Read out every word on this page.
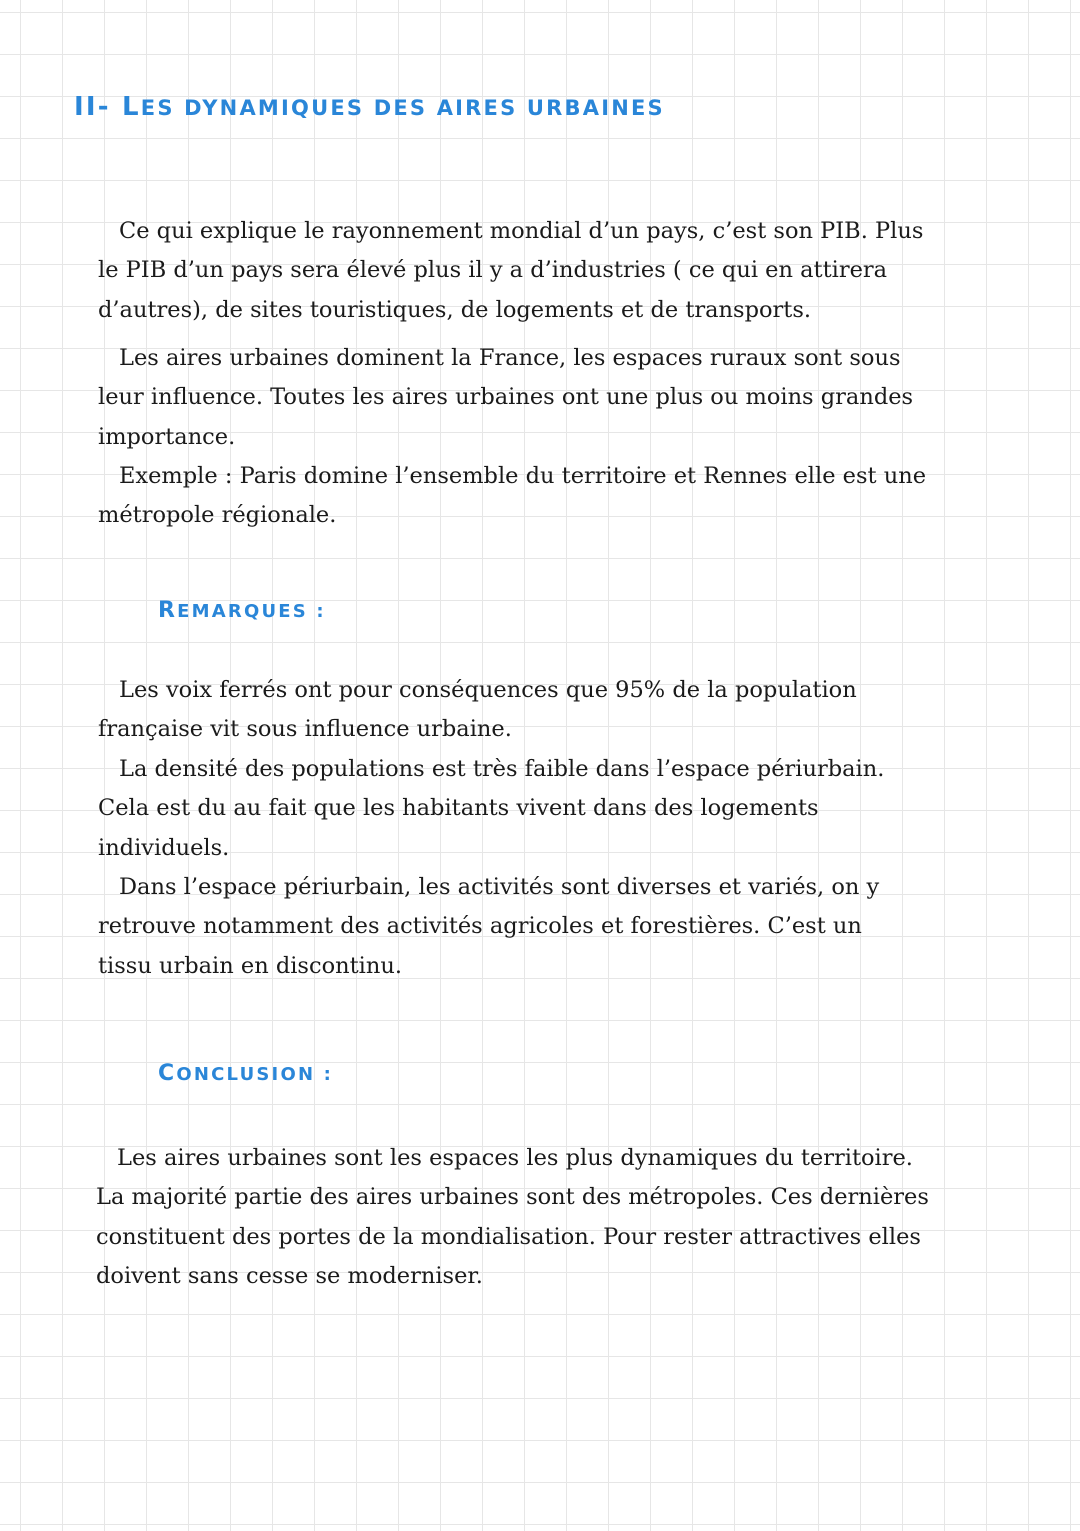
II- LES DYNAMIQUES DES AIRES URBAINES

Ce qui explique le rayonnement mondial d’un pays, c’est son PIB. Plus
le PIB d’un pays sera élevé plus il y a d’industries ( ce qui en attirera
d’autres), de sites touristiques, de logements et de transports.

Les aires urbaines dominent la France, les espaces ruraux sont sous
leur influence. Toutes les aires urbaines ont une plus ou moins grandes
importance.

Exemple : Paris domine l’ensemble du territoire et Rennes elle est une
métropole régionale.

REMARQUES :

Les voix ferrés ont pour conséquences que 95% de la population
française vit sous influence urbaine.

La densité des populations est très faible dans l’espace périurbain.
Cela est du au fait que les habitants vivent dans des logements
individuels.

Dans l’espace périurbain, les activités sont diverses et variés, on y
retrouve notamment des activités agricoles et forestières. C’est un
tissu urbain en discontinu.

CONCLUSION :

Les aires urbaines sont les espaces les plus dynamiques du territoire.
La majorité partie des aires urbaines sont des métropoles. Ces dernières
constituent des portes de la mondialisation. Pour rester attractives elles
doivent sans cesse se moderniser.
